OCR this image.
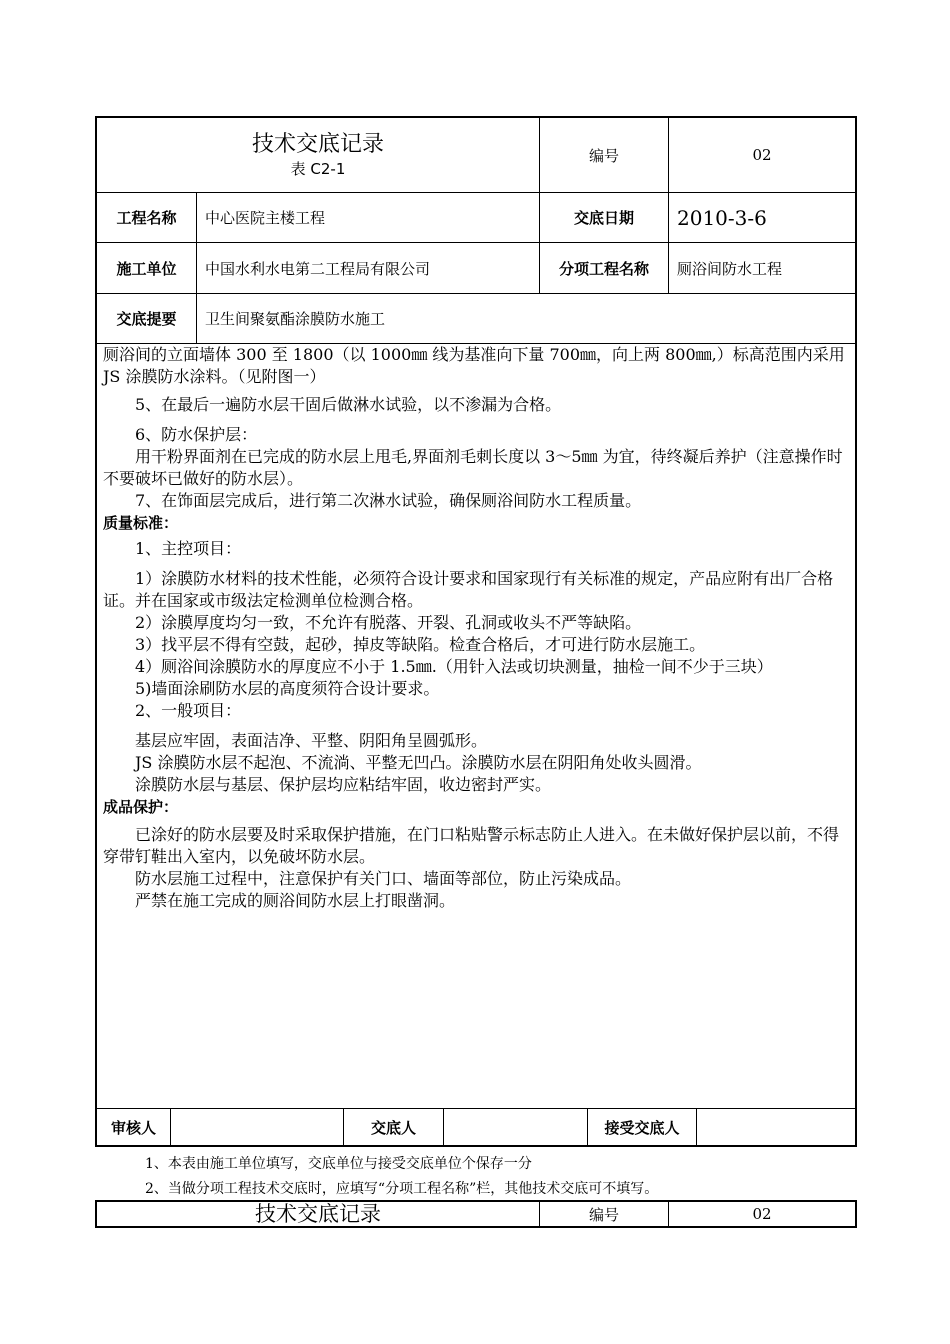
技术交底记录
表 C2-1
编号	02
工程名称	中心医院主楼工程	交底日期	2010-3-6
施工单位	中国水利水电第二工程局有限公司	分项工程名称	厕浴间防水工程
交底提要	卫生间聚氨酯涂膜防水施工

厕浴间的立面墙体 300 至 1800（以 1000㎜ 线为基准向下量 700㎜，向上两 800㎜,）标高范围内采用 JS 涂膜防水涂料。（见附图一）

5、在最后一遍防水层干固后做淋水试验，以不渗漏为合格。

6、防水保护层：

用干粉界面剂在已完成的防水层上甩毛,界面剂毛刺长度以 3～5㎜ 为宜，待终凝后养护（注意操作时不要破坏已做好的防水层）。

7、在饰面层完成后，进行第二次淋水试验，确保厕浴间防水工程质量。

质量标准：

1、主控项目：

1）涂膜防水材料的技术性能，必须符合设计要求和国家现行有关标准的规定，产品应附有出厂合格证。并在国家或市级法定检测单位检测合格。

2）涂膜厚度均匀一致，不允许有脱落、开裂、孔洞或收头不严等缺陷。

3）找平层不得有空鼓，起砂，掉皮等缺陷。检查合格后，才可进行防水层施工。

4）厕浴间涂膜防水的厚度应不小于 1.5㎜.（用针入法或切块测量，抽检一间不少于三块）

5)墙面涂刷防水层的高度须符合设计要求。

2、一般项目：

基层应牢固，表面洁净、平整、阴阳角呈圆弧形。

JS 涂膜防水层不起泡、不流淌、平整无凹凸。涂膜防水层在阴阳角处收头圆滑。

涂膜防水层与基层、保护层均应粘结牢固，收边密封严实。

成品保护：

已涂好的防水层要及时采取保护措施，在门口粘贴警示标志防止人进入。在未做好保护层以前，不得穿带钉鞋出入室内，以免破坏防水层。

防水层施工过程中，注意保护有关门口、墙面等部位，防止污染成品。

严禁在施工完成的厕浴间防水层上打眼凿洞。

审核人	交底人	接受交底人
1、本表由施工单位填写，交底单位与接受交底单位个保存一分
2、当做分项工程技术交底时，应填写“分项工程名称”栏，其他技术交底可不填写。
技术交底记录	编号	02
